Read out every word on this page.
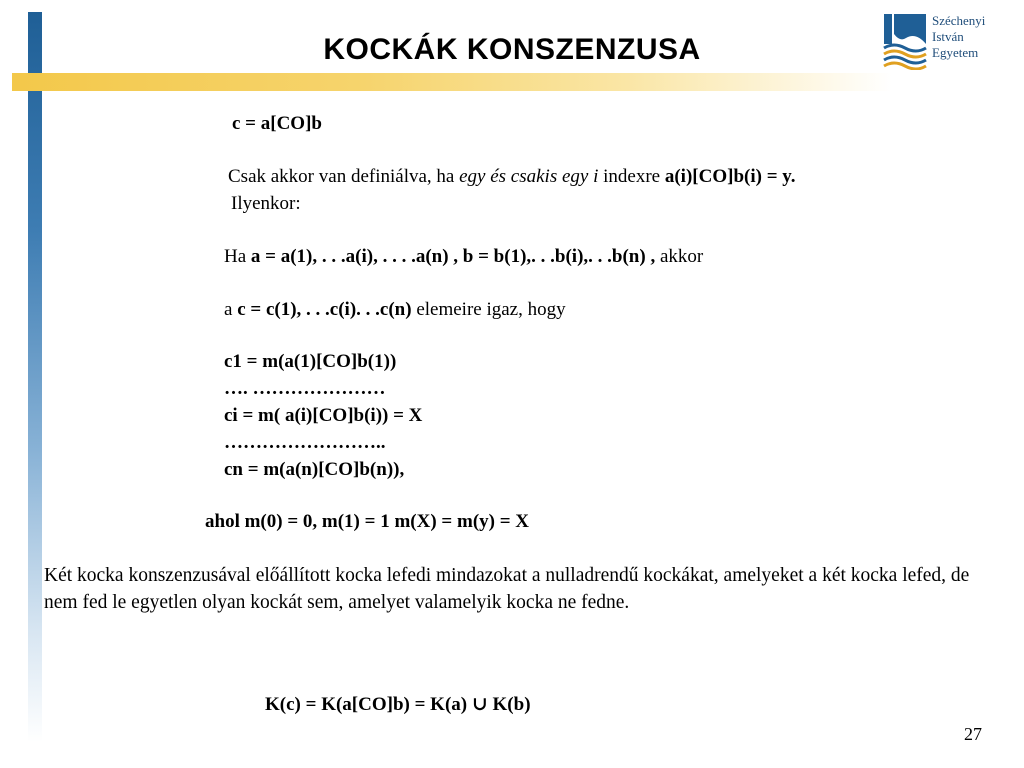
KOCKÁK KONSZENZUSA
Széchenyi
István
Egyetem
c = a[CO]b
Csak akkor van definiálva, ha egy és csakis egy i indexre a(i)[CO]b(i) = y.
Ilyenkor:
Ha a = a(1), . . .a(i), . . . .a(n) , b = b(1),. . .b(i),. . .b(n) , akkor
a c = c(1), . . .c(i). . .c(n) elemeire igaz, hogy
c1 = m(a(1)[CO]b(1))
…. …………………
ci = m( a(i)[CO]b(i)) = X
……………………..
cn = m(a(n)[CO]b(n)),
ahol m(0) = 0, m(1) = 1 m(X) = m(y) = X
Két kocka konszenzusával előállított kocka lefedi mindazokat a nulladrendű kockákat, amelyeket a két kocka lefed, de nem fed le egyetlen olyan kockát sem, amelyet valamelyik kocka ne fedne.
K(c) = K(a[CO]b) = K(a) ∪ K(b)
27
